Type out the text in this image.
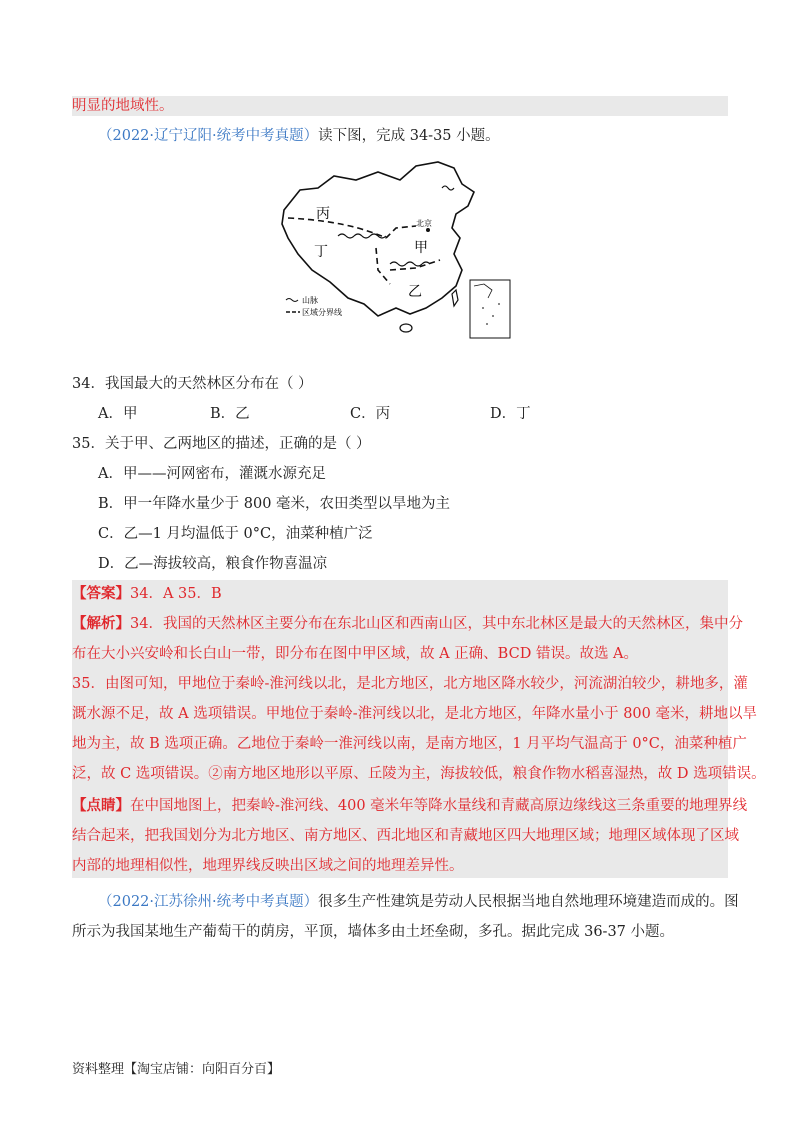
明显的地域性。
（2022·辽宁辽阳·统考中考真题）读下图，完成 34-35 小题。
丙
丁	甲
乙
北京
山脉
区域分界线
34．我国最大的天然林区分布在（ ）
A．甲	B．乙	C．丙	D．丁
35．关于甲、乙两地区的描述，正确的是（ ）
A．甲——河网密布，灌溉水源充足
B．甲一年降水量少于 800 毫米，农田类型以旱地为主
C．乙—1 月均温低于 0°C，油菜种植广泛
D．乙—海拔较高，粮食作物喜温凉
【答案】34．A 35．B
【解析】34．我国的天然林区主要分布在东北山区和西南山区，其中东北林区是最大的天然林区，集中分
布在大小兴安岭和长白山一带，即分布在图中甲区域，故 A 正确、BCD 错误。故选 A。
35．由图可知，甲地位于秦岭-淮河线以北，是北方地区，北方地区降水较少，河流湖泊较少，耕地多，灌
溉水源不足，故 A 选项错误。甲地位于秦岭-淮河线以北，是北方地区，年降水量小于 800 毫米，耕地以旱
地为主，故 B 选项正确。乙地位于秦岭一淮河线以南，是南方地区，1 月平均气温高于 0°C，油菜种植广
泛，故 C 选项错误。②南方地区地形以平原、丘陵为主，海拔较低，粮食作物水稻喜湿热，故 D 选项错误。
【点睛】在中国地图上，把秦岭-淮河线、400 毫米年等降水量线和青藏高原边缘线这三条重要的地理界线
结合起来，把我国划分为北方地区、南方地区、西北地区和青藏地区四大地理区域；地理区域体现了区域
内部的地理相似性，地理界线反映出区域之间的地理差异性。
（2022·江苏徐州·统考中考真题）很多生产性建筑是劳动人民根据当地自然地理环境建造而成的。图
所示为我国某地生产葡萄干的荫房，平顶，墙体多由土坯垒砌，多孔。据此完成 36-37 小题。
资料整理【淘宝店铺：向阳百分百】
